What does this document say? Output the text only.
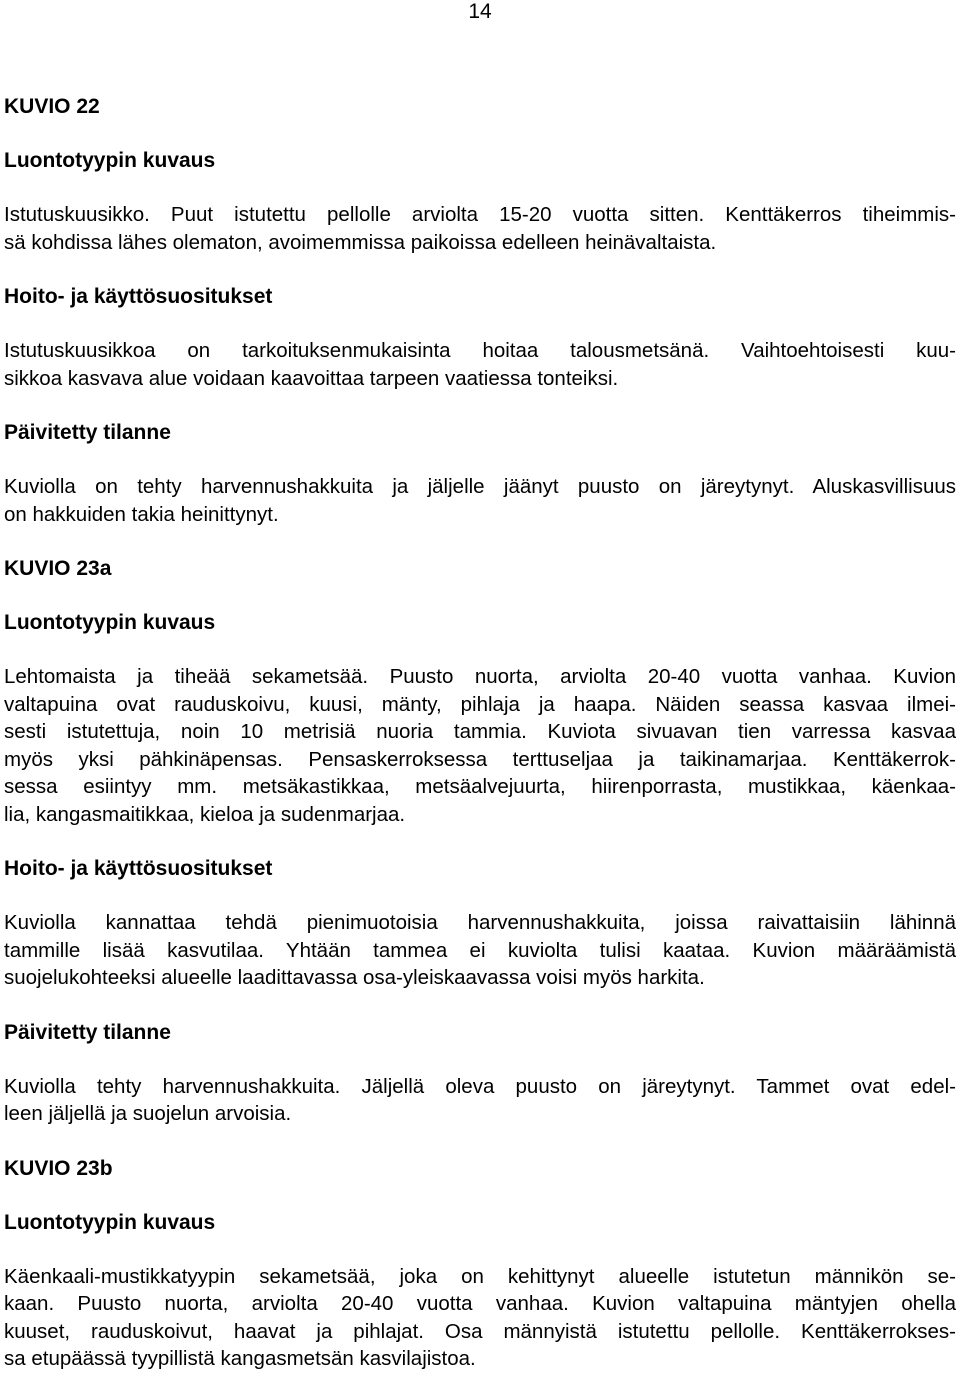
14
KUVIO 22
Luontotyypin kuvaus
Istutuskuusikko. Puut istutettu pellolle arviolta 15-20 vuotta sitten. Kenttäkerros tiheimmis-
sä kohdissa lähes olematon, avoimemmissa paikoissa edelleen heinävaltaista.
Hoito- ja käyttösuositukset
Istutuskuusikkoa on tarkoituksenmukaisinta hoitaa talousmetsänä. Vaihtoehtoisesti kuu-
sikkoa kasvava alue voidaan kaavoittaa tarpeen vaatiessa tonteiksi.
Päivitetty tilanne
Kuviolla on tehty harvennushakkuita ja jäljelle jäänyt puusto on järeytynyt. Aluskasvillisuus
on hakkuiden takia heinittynyt.
KUVIO 23a
Luontotyypin kuvaus
Lehtomaista ja tiheää sekametsää. Puusto nuorta, arviolta 20-40 vuotta vanhaa. Kuvion
valtapuina ovat rauduskoivu, kuusi, mänty, pihlaja ja haapa. Näiden seassa kasvaa ilmei-
sesti istutettuja, noin 10 metrisiä nuoria tammia. Kuviota sivuavan tien varressa kasvaa
myös yksi pähkinäpensas. Pensaskerroksessa terttuseljaa ja taikinamarjaa. Kenttäkerrok-
sessa esiintyy mm. metsäkastikkaa, metsäalvejuurta, hiirenporrasta, mustikkaa, käenkaa-
lia, kangasmaitikkaa, kieloa ja sudenmarjaa.
Hoito- ja käyttösuositukset
Kuviolla kannattaa tehdä pienimuotoisia harvennushakkuita, joissa raivattaisiin lähinnä
tammille lisää kasvutilaa. Yhtään tammea ei kuviolta tulisi kaataa. Kuvion määräämistä
suojelukohteeksi alueelle laadittavassa osa-yleiskaavassa voisi myös harkita.
Päivitetty tilanne
Kuviolla tehty harvennushakkuita. Jäljellä oleva puusto on järeytynyt. Tammet ovat edel-
leen jäljellä ja suojelun arvoisia.
KUVIO 23b
Luontotyypin kuvaus
Käenkaali-mustikkatyypin sekametsää, joka on kehittynyt alueelle istutetun männikön se-
kaan. Puusto nuorta, arviolta 20-40 vuotta vanhaa. Kuvion valtapuina mäntyjen ohella
kuuset, rauduskoivut, haavat ja pihlajat. Osa männyistä istutettu pellolle. Kenttäkerrokses-
sa etupäässä tyypillistä kangasmetsän kasvilajistoa.
